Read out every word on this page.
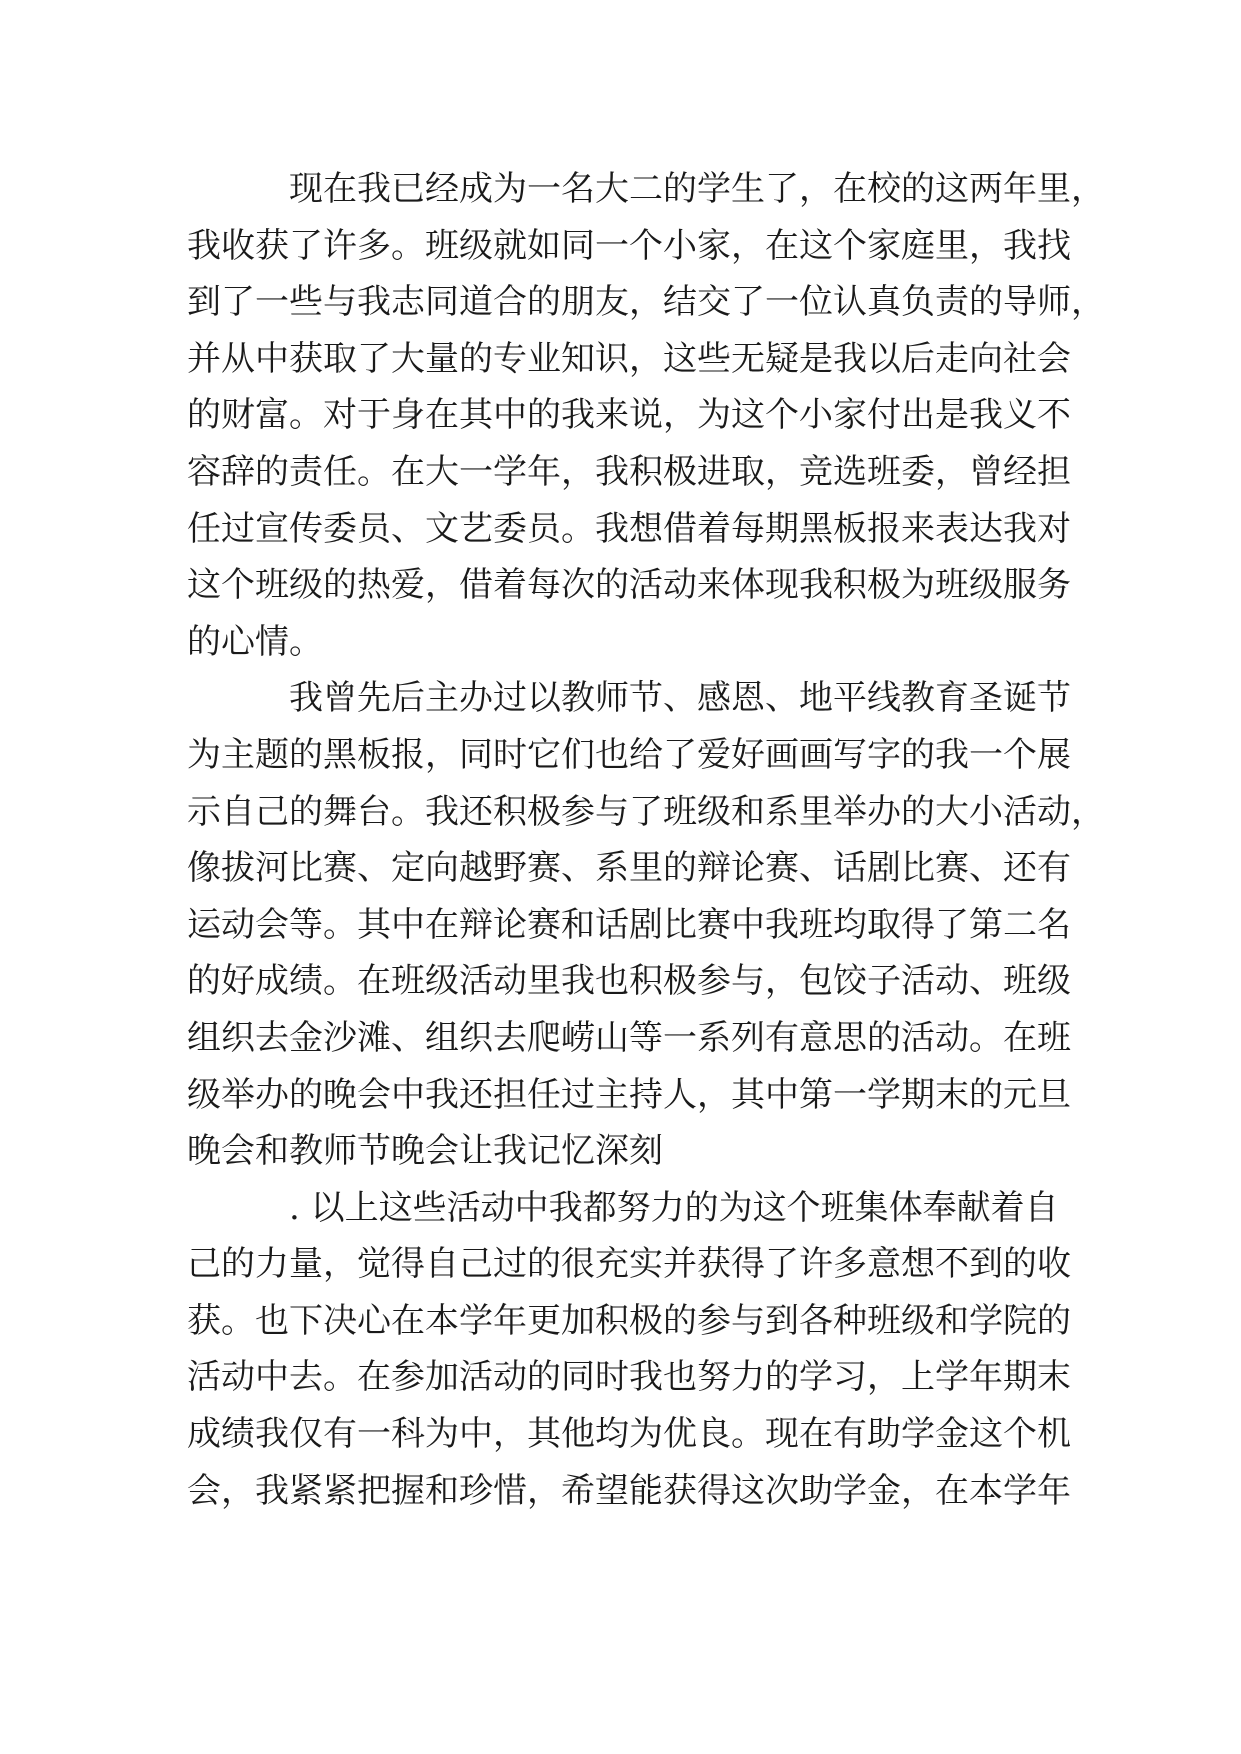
现在我已经成为一名大二的学生了，在校的这两年里，
我收获了许多。班级就如同一个小家，在这个家庭里，我找
到了一些与我志同道合的朋友，结交了一位认真负责的导师，
并从中获取了大量的专业知识，这些无疑是我以后走向社会
的财富。对于身在其中的我来说，为这个小家付出是我义不
容辞的责任。在大一学年，我积极进取，竞选班委，曾经担
任过宣传委员、文艺委员。我想借着每期黑板报来表达我对
这个班级的热爱，借着每次的活动来体现我积极为班级服务
的心情。
我曾先后主办过以教师节、感恩、地平线教育圣诞节
为主题的黑板报，同时它们也给了爱好画画写字的我一个展
示自己的舞台。我还积极参与了班级和系里举办的大小活动，
像拔河比赛、定向越野赛、系里的辩论赛、话剧比赛、还有
运动会等。其中在辩论赛和话剧比赛中我班均取得了第二名
的好成绩。在班级活动里我也积极参与，包饺子活动、班级
组织去金沙滩、组织去爬崂山等一系列有意思的活动。在班
级举办的晚会中我还担任过主持人，其中第一学期末的元旦
晚会和教师节晚会让我记忆深刻
. 以上这些活动中我都努力的为这个班集体奉献着自
己的力量，觉得自己过的很充实并获得了许多意想不到的收
获。也下决心在本学年更加积极的参与到各种班级和学院的
活动中去。在参加活动的同时我也努力的学习，上学年期末
成绩我仅有一科为中，其他均为优良。现在有助学金这个机
会，我紧紧把握和珍惜，希望能获得这次助学金，在本学年
